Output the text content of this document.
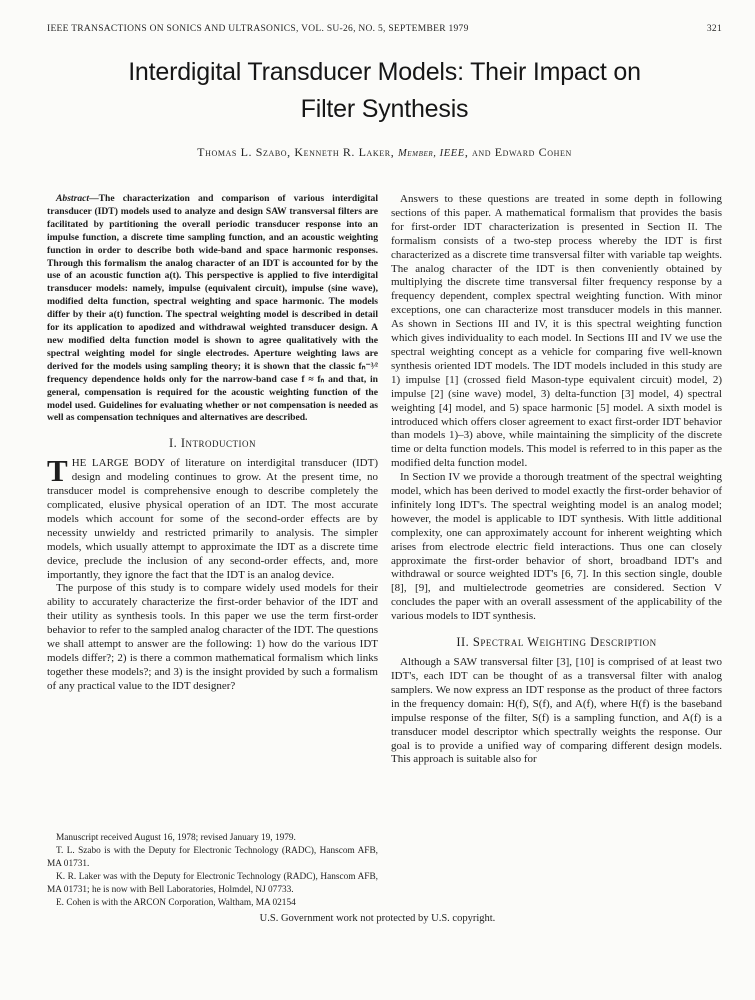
IEEE TRANSACTIONS ON SONICS AND ULTRASONICS, VOL. SU-26, NO. 5, SEPTEMBER 1979	321
Interdigital Transducer Models: Their Impact on
Filter Synthesis
Thomas L. Szabo, Kenneth R. Laker, Member, IEEE, and Edward Cohen

Abstract—The characterization and comparison of various interdigital transducer (IDT) models used to analyze and design SAW transversal filters are facilitated by partitioning the overall periodic transducer response into an impulse function, a discrete time sampling function, and an acoustic weighting function in order to describe both wide-band and space harmonic responses. Through this formalism the analog character of an IDT is accounted for by the use of an acoustic function a(t). This perspective is applied to five interdigital transducer models: namely, impulse (equivalent circuit), impulse (sine wave), modified delta function, spectral weighting and space harmonic. The models differ by their a(t) function. The spectral weighting model is described in detail for its application to apodized and withdrawal weighted transducer design. A new modified delta function model is shown to agree qualitatively with the spectral weighting model for single electrodes. Aperture weighting laws are derived for the models using sampling theory; it is shown that the classic fₙ⁻³⁄² frequency dependence holds only for the narrow-band case f ≈ fₙ and that, in general, compensation is required for the acoustic weighting function of the model used. Guidelines for evaluating whether or not compensation is needed as well as compensation techniques and alternatives are described.

I. Introduction

THE LARGE BODY of literature on interdigital transducer (IDT) design and modeling continues to grow. At the present time, no transducer model is comprehensive enough to describe completely the complicated, elusive physical operation of an IDT. The most accurate models which account for some of the second-order effects are by necessity unwieldy and restricted primarily to analysis. The simpler models, which usually attempt to approximate the IDT as a discrete time device, preclude the inclusion of any second-order effects, and, more importantly, they ignore the fact that the IDT is an analog device.

The purpose of this study is to compare widely used models for their ability to accurately characterize the first-order behavior of the IDT and their utility as synthesis tools. In this paper we use the term first-order behavior to refer to the sampled analog character of the IDT. The questions we shall attempt to answer are the following: 1) how do the various IDT models differ?; 2) is there a common mathematical formalism which links together these models?; and 3) is the insight provided by such a formalism of any practical value to the IDT designer?

Manuscript received August 16, 1978; revised January 19, 1979.

T. L. Szabo is with the Deputy for Electronic Technology (RADC), Hanscom AFB, MA 01731.

K. R. Laker was with the Deputy for Electronic Technology (RADC), Hanscom AFB, MA 01731; he is now with Bell Laboratories, Holmdel, NJ 07733.

E. Cohen is with the ARCON Corporation, Waltham, MA 02154

Answers to these questions are treated in some depth in following sections of this paper. A mathematical formalism that provides the basis for first-order IDT characterization is presented in Section II. The formalism consists of a two-step process whereby the IDT is first characterized as a discrete time transversal filter with variable tap weights. The analog character of the IDT is then conveniently obtained by multiplying the discrete time transversal filter frequency response by a frequency dependent, complex spectral weighting function. With minor exceptions, one can characterize most transducer models in this manner. As shown in Sections III and IV, it is this spectral weighting function which gives individuality to each model. In Sections III and IV we use the spectral weighting concept as a vehicle for comparing five well-known synthesis oriented IDT models. The IDT models included in this study are 1) impulse [1] (crossed field Mason-type equivalent circuit) model, 2) impulse [2] (sine wave) model, 3) delta-function [3] model, 4) spectral weighting [4] model, and 5) space harmonic [5] model. A sixth model is introduced which offers closer agreement to exact first-order IDT behavior than models 1)–3) above, while maintaining the simplicity of the discrete time or delta function models. This model is referred to in this paper as the modified delta function model.

In Section IV we provide a thorough treatment of the spectral weighting model, which has been derived to model exactly the first-order behavior of infinitely long IDT's. The spectral weighting model is an analog model; however, the model is applicable to IDT synthesis. With little additional complexity, one can approximately account for inherent weighting which arises from electrode electric field interactions. Thus one can closely approximate the first-order behavior of short, broadband IDT's and withdrawal or source weighted IDT's [6, 7]. In this section single, double [8], [9], and multielectrode geometries are considered. Section V concludes the paper with an overall assessment of the applicability of the various models to IDT synthesis.

II. Spectral Weighting Description

Although a SAW transversal filter [3], [10] is comprised of at least two IDT's, each IDT can be thought of as a transversal filter with analog samplers. We now express an IDT response as the product of three factors in the frequency domain: H(f), S(f), and A(f), where H(f) is the baseband impulse response of the filter, S(f) is a sampling function, and A(f) is a transducer model descriptor which spectrally weights the response. Our goal is to provide a unified way of comparing different design models. This approach is suitable also for

U.S. Government work not protected by U.S. copyright.
